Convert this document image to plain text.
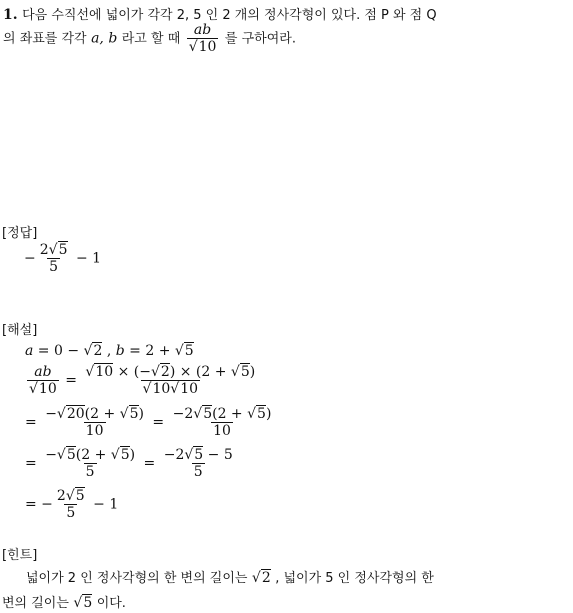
1. 다음 수직선에 넓이가 각각 2, 5 인 2 개의 정사각형이 있다. 점 P 와 점 Q
의 좌표를 각각 a, b 라고 할 때 $\frac{ab}{√10}$ 를 구하여라.
[정답]
− $\frac{2√5}{5} - 1$
[해설]
a = 0 − √2 , b = 2 + √5
$\frac{ab}{√10} = \frac{√10 \times (-√2) \times (2 + √5)}{√10√10}$
= $\frac{-√20(2 + √5)}{10} = \frac{-2√5(2 + √5)}{10}$
= $\frac{-√5(2 + √5)}{5} = \frac{-2√5 - 5}{5}$
= − $\frac{2√5}{5} - 1$
[힌트]
넓이가 2 인 정사각형의 한 변의 길이는 √2 , 넓이가 5 인 정사각형의 한
변의 길이는 √5 이다.
